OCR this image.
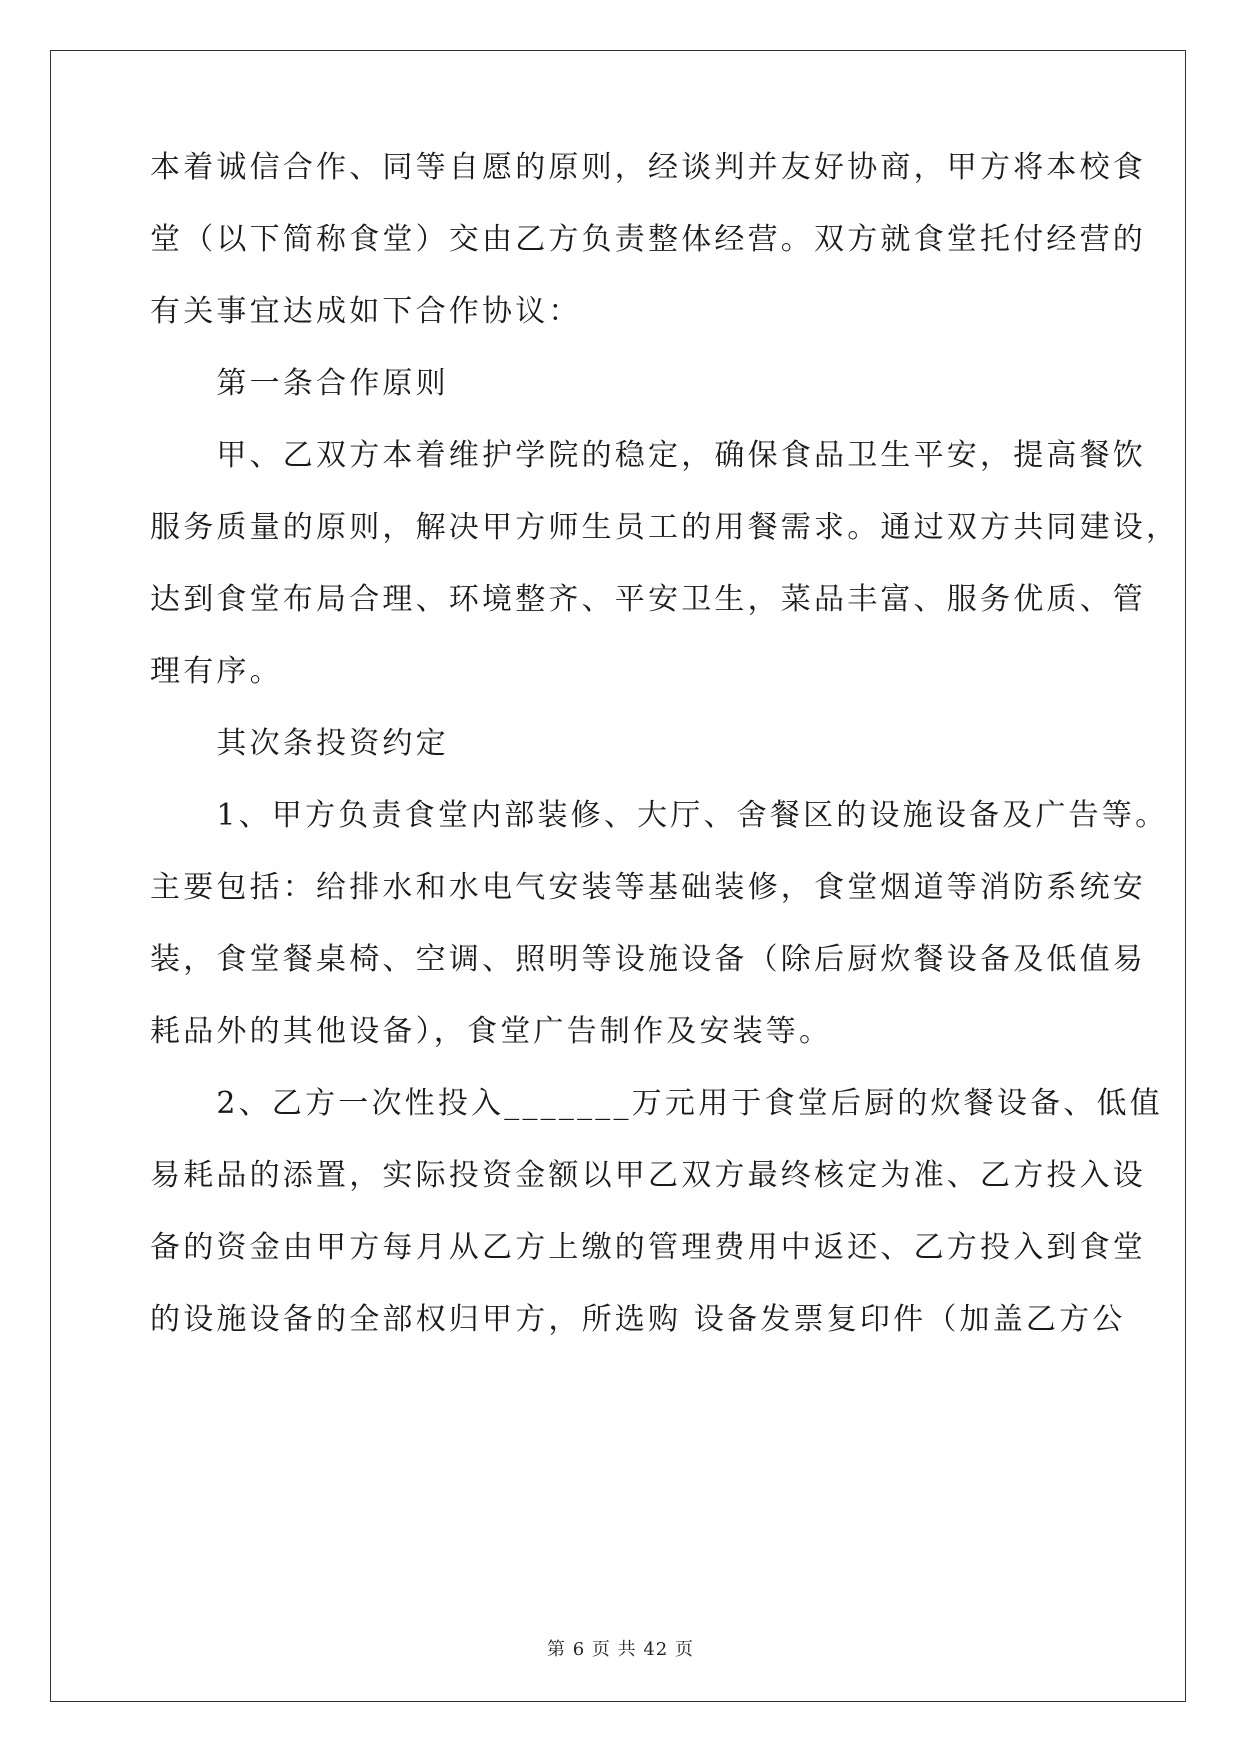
本着诚信合作、同等自愿的原则，经谈判并友好协商，甲方将本校食
堂（以下简称食堂）交由乙方负责整体经营。双方就食堂托付经营的
有关事宜达成如下合作协议：
　　第一条合作原则
　　甲、乙双方本着维护学院的稳定，确保食品卫生平安，提高餐饮
服务质量的原则，解决甲方师生员工的用餐需求。通过双方共同建设，
达到食堂布局合理、环境整齐、平安卫生，菜品丰富、服务优质、管
理有序。
　　其次条投资约定
　　1、甲方负责食堂内部装修、大厅、舍餐区的设施设备及广告等。
主要包括：给排水和水电气安装等基础装修，食堂烟道等消防系统安
装，食堂餐桌椅、空调、照明等设施设备（除后厨炊餐设备及低值易
耗品外的其他设备），食堂广告制作及安装等。
　　2、乙方一次性投入_______万元用于食堂后厨的炊餐设备、低值
易耗品的添置，实际投资金额以甲乙双方最终核定为准、乙方投入设
备的资金由甲方每月从乙方上缴的管理费用中返还、乙方投入到食堂
的设施设备的全部权归甲方，所选购 设备发票复印件（加盖乙方公
第 6 页 共 42 页
